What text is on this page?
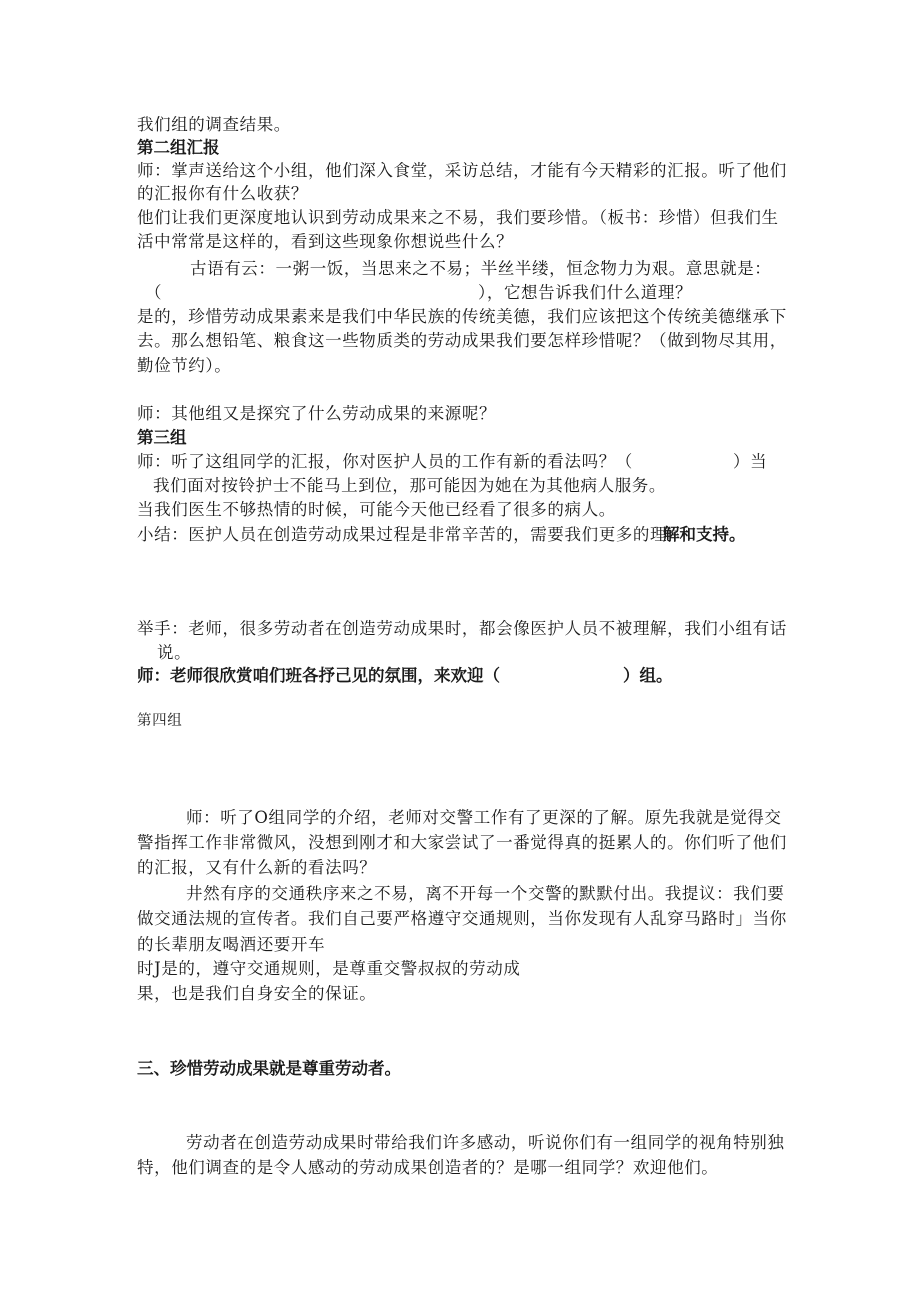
我们组的调查结果。
第二组汇报
师：掌声送给这个小组，他们深入食堂，采访总结，才能有今天精彩的汇报。听了他们
的汇报你有什么收获？
他们让我们更深度地认识到劳动成果来之不易，我们要珍惜。（板书：珍惜）但我们生
活中常常是这样的，看到这些现象你想说些什么？
古语有云：一粥一饭，当思来之不易；半丝半缕，恒念物力为艰。意思就是：
（	），它想告诉我们什么道理？
是的，珍惜劳动成果素来是我们中华民族的传统美德，我们应该把这个传统美德继承下
去。那么想铅笔、粮食这一些物质类的劳动成果我们要怎样珍惜呢？（做到物尽其用，
勤俭节约）。
师：其他组又是探究了什么劳动成果的来源呢？
第三组
师：听了这组同学的汇报，你对医护人员的工作有新的看法吗？（	）当
我们面对按铃护士不能马上到位，那可能因为她在为其他病人服务。
当我们医生不够热情的时候，可能今天他已经看了很多的病人。
小结：医护人员在创造劳动成果过程是非常辛苦的，需要我们更多的理
解和支持。
举手：老师，很多劳动者在创造劳动成果时，都会像医护人员不被理解，我们小组有话
说。
师：老师很欣赏咱们班各抒己见的氛围，来欢迎（	）组。
第四组
师：听了O组同学的介绍，老师对交警工作有了更深的了解。原先我就是觉得交
警指挥工作非常微风，没想到刚才和大家尝试了一番觉得真的挺累人的。你们听了他们
的汇报，又有什么新的看法吗？
井然有序的交通秩序来之不易，离不开每一个交警的默默付出。我提议：我们要
做交通法规的宣传者。我们自己要严格遵守交通规则，当你发现有人乱穿马路时」当你
的长辈朋友喝酒还要开车
时J是的，遵守交通规则，是尊重交警叔叔的劳动成
果，也是我们自身安全的保证。
三、珍惜劳动成果就是尊重劳动者。
劳动者在创造劳动成果时带给我们许多感动，听说你们有一组同学的视角特别独
特，他们调查的是令人感动的劳动成果创造者的？是哪一组同学？欢迎他们。
